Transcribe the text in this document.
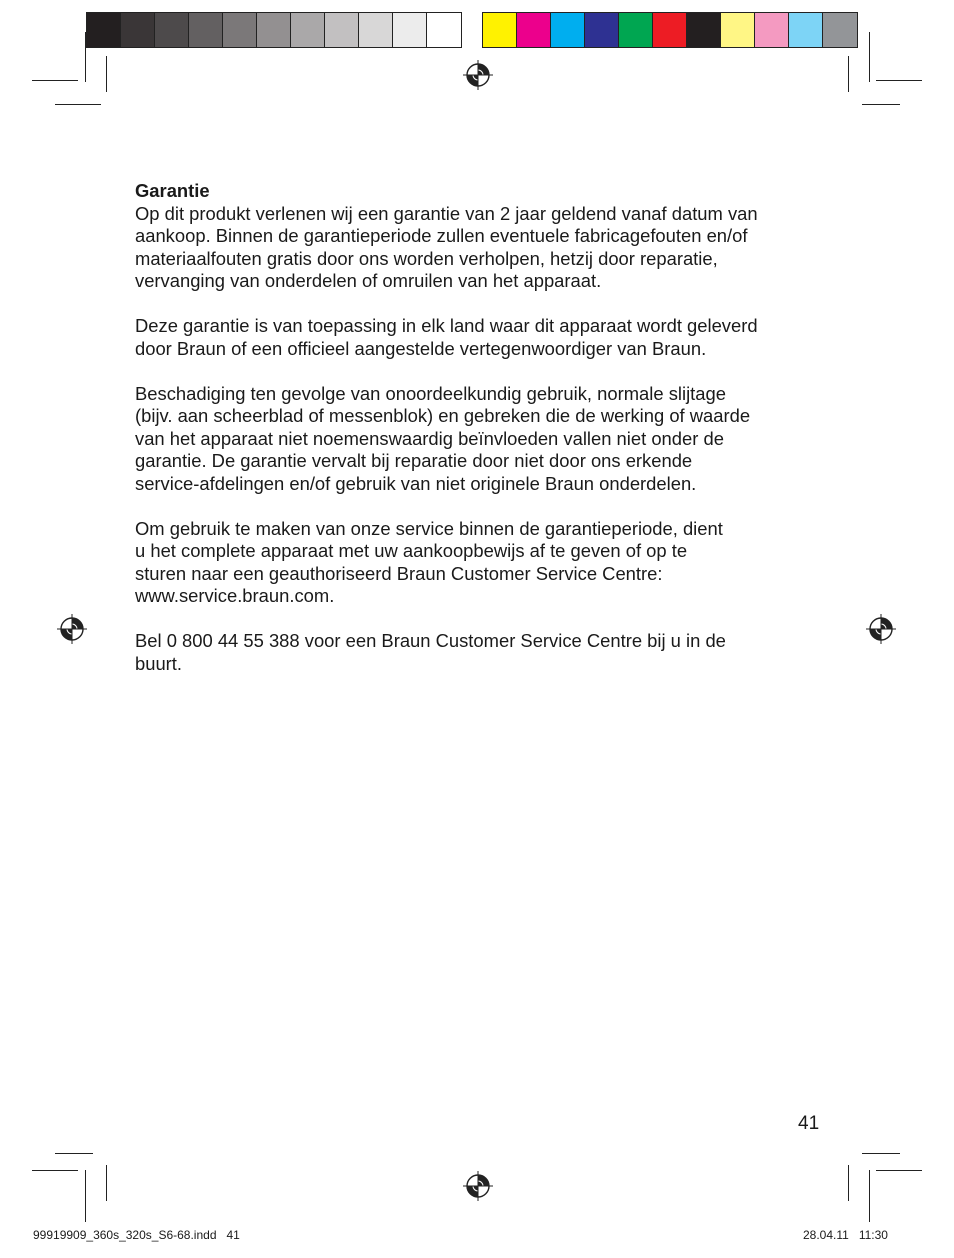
Garantie

Op dit produkt verlenen wij een garantie van 2 jaar geldend vanaf datum van
aankoop. Binnen de garantieperiode zullen eventuele fabricagefouten en/of
materiaalfouten gratis door ons worden verholpen, hetzij door reparatie,
vervanging van onderdelen of omruilen van het apparaat.

Deze garantie is van toepassing in elk land waar dit apparaat wordt geleverd
door Braun of een officieel aangestelde vertegenwoordiger van Braun.

Beschadiging ten gevolge van onoordeelkundig gebruik, normale slijtage
(bijv. aan scheerblad of messenblok) en gebreken die de werking of waarde
van het apparaat niet noemenswaardig beïnvloeden vallen niet onder de
garantie. De garantie vervalt bij reparatie door niet door ons erkende
service-afdelingen en/of gebruik van niet originele Braun onderdelen.

Om gebruik te maken van onze service binnen de garantieperiode, dient
u het complete apparaat met uw aankoopbewijs af te geven of op te
sturen naar een geauthoriseerd Braun Customer Service Centre:
www.service.braun.com.

Bel 0 800 44 55 388 voor een Braun Customer Service Centre bij u in de
buurt.

41
99919909_360s_320s_S6-68.indd   41	28.04.11   11:30
